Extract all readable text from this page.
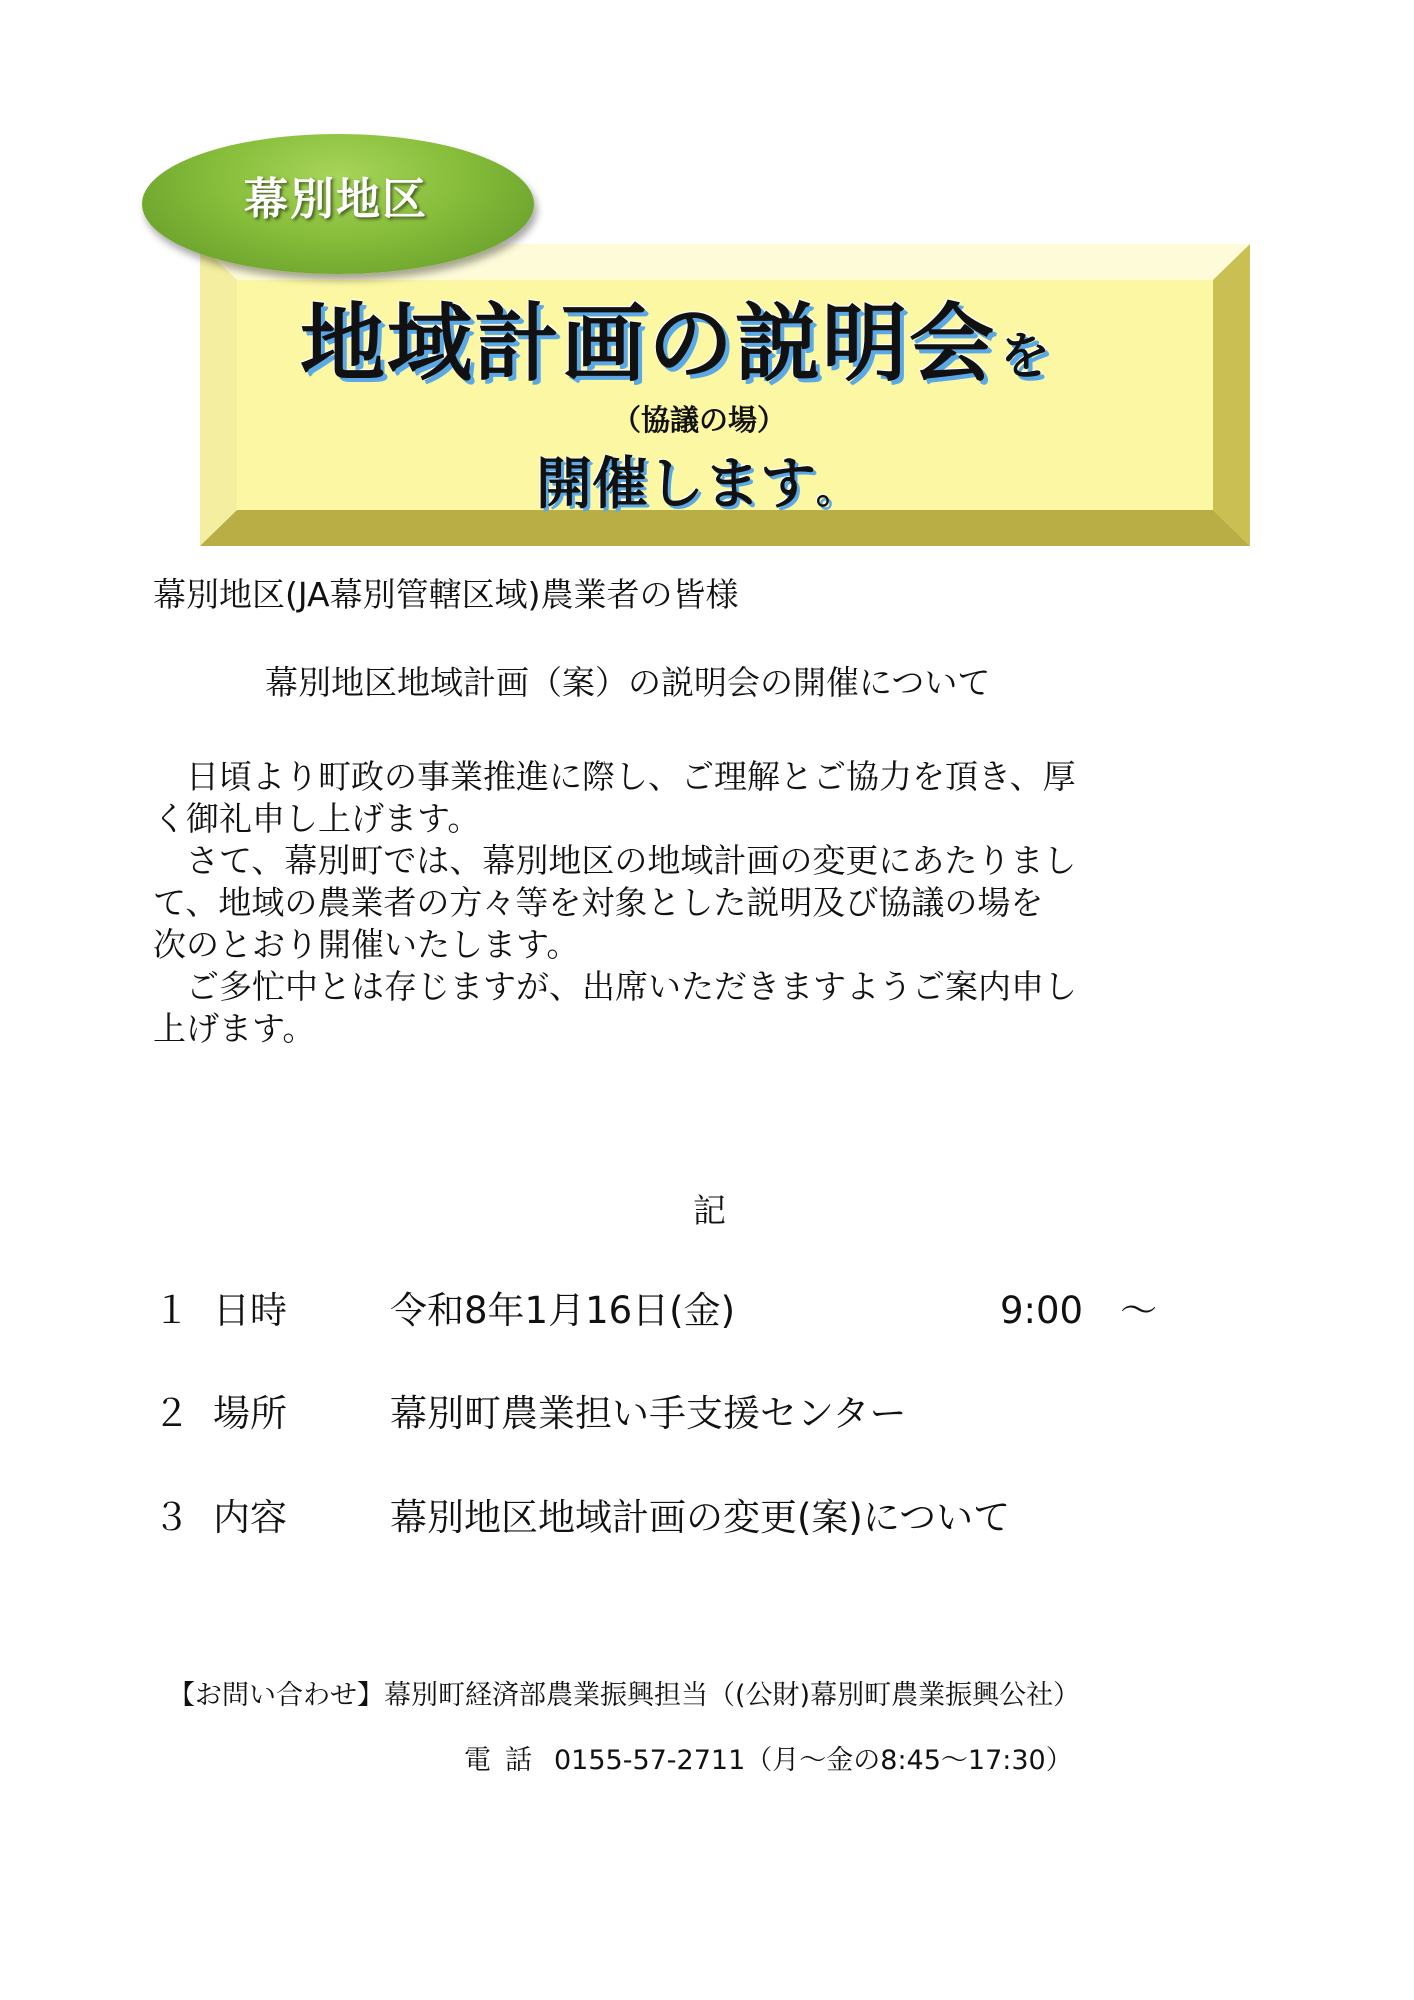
地域計画の説明会を
（協議の場）
開催します。
幕別地区
幕別地区(JA幕別管轄区域)農業者の皆様
幕別地区地域計画（案）の説明会の開催について
　日頃より町政の事業推進に際し、ご理解とご協力を頂き、厚
く御礼申し上げます。
　さて、幕別町では、幕別地区の地域計画の変更にあたりまし
て、地域の農業者の方々等を対象とした説明及び協議の場を
次のとおり開催いたします。
　ご多忙中とは存じますが、出席いただきますようご案内申し
上げます。
記
１ 日時	令和8年1月16日(金)	9:00　～
２ 場所	幕別町農業担い手支援センター
３ 内容	幕別地区地域計画の変更(案)について
【お問い合わせ】幕別町経済部農業振興担当（(公財)幕別町農業振興公社）
電話 0155-57-2711（月～金の8:45～17:30）
